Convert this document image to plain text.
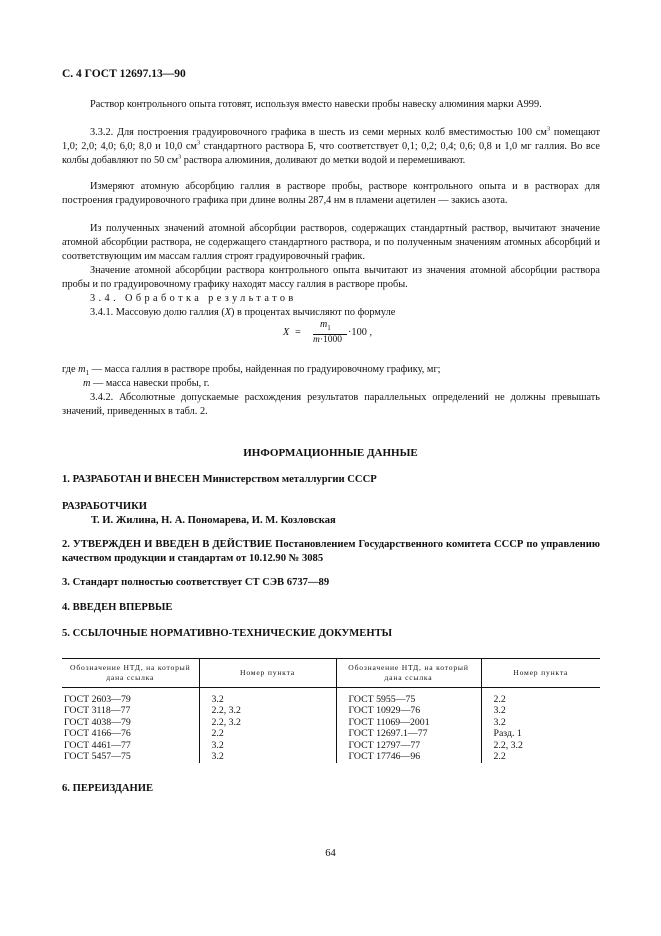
С. 4 ГОСТ 12697.13—90

Раствор контрольного опыта готовят, используя вместо навески пробы навеску алюминия марки А999.

3.3.2. Для построения градуировочного графика в шесть из семи мерных колб вместимостью 100 $см^3$ помещают 1,0; 2,0; 4,0; 6,0; 8,0 и 10,0 $см^3$ стандартного раствора Б, что соответствует 0,1; 0,2; 0,4; 0,6; 0,8 и 1,0 мг галлия. Во все колбы добавляют по 50 $см^3$ раствора алюминия, доливают до метки водой и перемешивают.

Измеряют атомную абсорбцию галлия в растворе пробы, растворе контрольного опыта и в растворах для построения градуировочного графика при длине волны 287,4 нм в пламени ацетилен — закись азота.

Из полученных значений атомной абсорбции растворов, содержащих стандартный раствор, вычитают значение атомной абсорбции раствора, не содержащего стандартного раствора, и по полученным значениям атомных абсорбций и соответствующим им массам галлия строят градуировочный график.

Значение атомной абсорбции раствора контрольного опыта вычитают из значения атомной абсорбции раствора пробы и по градуировочному графику находят массу галлия в растворе пробы.

3.4. Обработка результатов
3.4.1. Массовую долю галлия (X) в процентах вычисляют по формуле
X =
$m_1$
m·1000
·100 ,
где $m_1$ — масса галлия в растворе пробы, найденная по градуировочному графику, мг;
m — масса навески пробы, г.

3.4.2. Абсолютные допускаемые расхождения результатов параллельных определений не должны превышать значений, приведенных в табл. 2.

ИНФОРМАЦИОННЫЕ ДАННЫЕ
1. РАЗРАБОТАН И ВНЕСЕН Министерством металлургии СССР
РАЗРАБОТЧИКИ
Т. И. Жилина, Н. А. Пономарева, И. М. Козловская
2. УТВЕРЖДЕН И ВВЕДЕН В ДЕЙСТВИЕ Постановлением Государственного комитета СССР по управлению качеством продукции и стандартам от 10.12.90 № 3085
3. Стандарт полностью соответствует СТ СЭВ 6737—89
4. ВВЕДЕН ВПЕРВЫЕ
5. ССЫЛОЧНЫЕ НОРМАТИВНО-ТЕХНИЧЕСКИЕ ДОКУМЕНТЫ
Обозначение НТД, на который дана ссылка	Номер пункта	Обозначение НТД, на который дана ссылка	Номер пункта

ГОСТ 2603—79	3.2	ГОСТ 5955—75	2.2
ГОСТ 3118—77	2.2, 3.2	ГОСТ 10929—76	3.2
ГОСТ 4038—79	2.2, 3.2	ГОСТ 11069—2001	3.2
ГОСТ 4166—76	2.2	ГОСТ 12697.1—77	Разд. 1
ГОСТ 4461—77	3.2	ГОСТ 12797—77	2.2, 3.2
ГОСТ 5457—75	3.2	ГОСТ 17746—96	2.2
6. ПЕРЕИЗДАНИЕ
64
